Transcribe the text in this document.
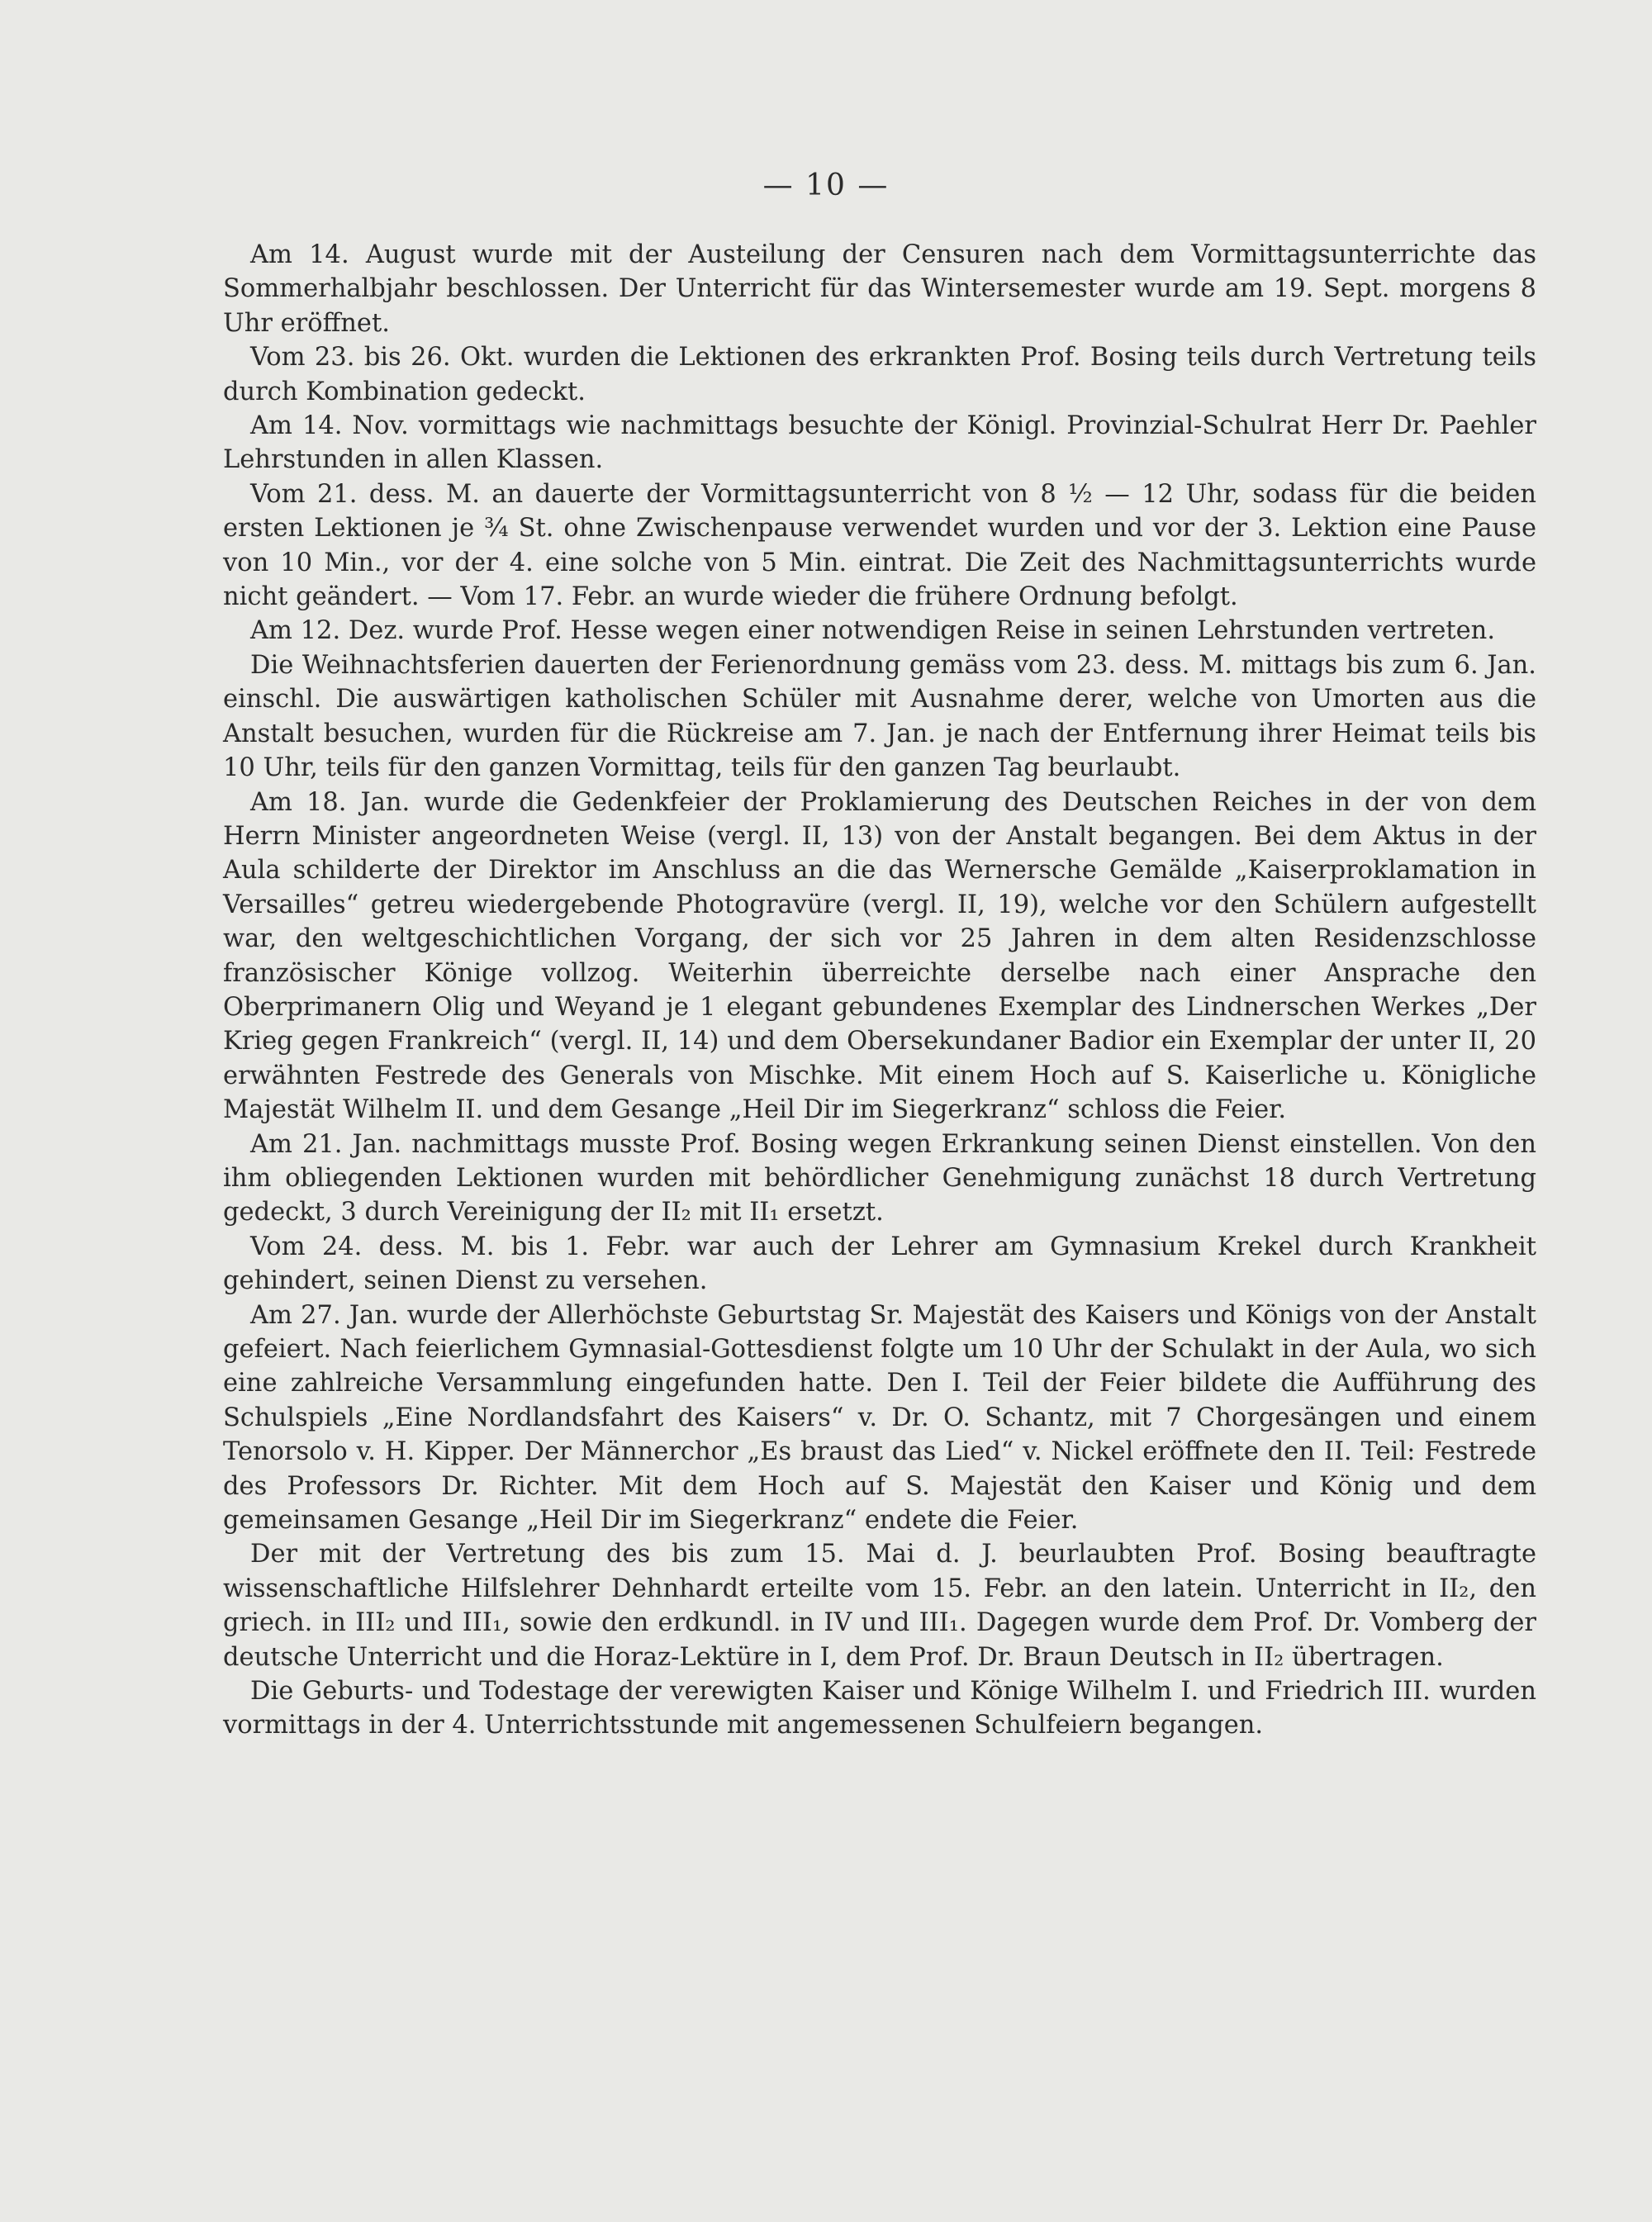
— 10 —

Am 14. August wurde mit der Austeilung der Censuren nach dem Vormittagsunterrichte das Sommerhalbjahr beschlossen. Der Unterricht für das Wintersemester wurde am 19. Sept. morgens 8 Uhr eröffnet.

Vom 23. bis 26. Okt. wurden die Lektionen des erkrankten Prof. Bosing teils durch Vertretung teils durch Kombination gedeckt.

Am 14. Nov. vormittags wie nachmittags besuchte der Königl. Provinzial-Schulrat Herr Dr. Paehler Lehrstunden in allen Klassen.

Vom 21. dess. M. an dauerte der Vormittagsunterricht von 8 ½ — 12 Uhr, sodass für die beiden ersten Lektionen je ¾ St. ohne Zwischenpause verwendet wurden und vor der 3. Lektion eine Pause von 10 Min., vor der 4. eine solche von 5 Min. eintrat. Die Zeit des Nachmittagsunterrichts wurde nicht geändert. — Vom 17. Febr. an wurde wieder die frühere Ordnung befolgt.

Am 12. Dez. wurde Prof. Hesse wegen einer notwendigen Reise in seinen Lehrstunden vertreten.

Die Weihnachtsferien dauerten der Ferienordnung gemäss vom 23. dess. M. mittags bis zum 6. Jan. einschl. Die auswärtigen katholischen Schüler mit Ausnahme derer, welche von Umorten aus die Anstalt besuchen, wurden für die Rückreise am 7. Jan. je nach der Entfernung ihrer Heimat teils bis 10 Uhr, teils für den ganzen Vormittag, teils für den ganzen Tag beurlaubt.

Am 18. Jan. wurde die Gedenkfeier der Proklamierung des Deutschen Reiches in der von dem Herrn Minister angeordneten Weise (vergl. II, 13) von der Anstalt begangen. Bei dem Aktus in der Aula schilderte der Direktor im Anschluss an die das Wernersche Gemälde „Kaiserproklamation in Versailles“ getreu wiedergebende Photogravüre (vergl. II, 19), welche vor den Schülern aufgestellt war, den weltgeschichtlichen Vorgang, der sich vor 25 Jahren in dem alten Residenzschlosse französischer Könige vollzog. Weiterhin überreichte derselbe nach einer Ansprache den Oberprimanern Olig und Weyand je 1 elegant gebundenes Exemplar des Lindnerschen Werkes „Der Krieg gegen Frankreich“ (vergl. II, 14) und dem Obersekundaner Badior ein Exemplar der unter II, 20 erwähnten Festrede des Generals von Mischke. Mit einem Hoch auf S. Kaiserliche u. Königliche Majestät Wilhelm II. und dem Gesange „Heil Dir im Siegerkranz“ schloss die Feier.

Am 21. Jan. nachmittags musste Prof. Bosing wegen Erkrankung seinen Dienst einstellen. Von den ihm obliegenden Lektionen wurden mit behördlicher Genehmigung zunächst 18 durch Vertretung gedeckt, 3 durch Vereinigung der II₂ mit II₁ ersetzt.

Vom 24. dess. M. bis 1. Febr. war auch der Lehrer am Gymnasium Krekel durch Krankheit gehindert, seinen Dienst zu versehen.

Am 27. Jan. wurde der Allerhöchste Geburtstag Sr. Majestät des Kaisers und Königs von der Anstalt gefeiert. Nach feierlichem Gymnasial-Gottesdienst folgte um 10 Uhr der Schulakt in der Aula, wo sich eine zahlreiche Versammlung eingefunden hatte. Den I. Teil der Feier bildete die Aufführung des Schulspiels „Eine Nordlandsfahrt des Kaisers“ v. Dr. O. Schantz, mit 7 Chorgesängen und einem Tenorsolo v. H. Kipper. Der Männerchor „Es braust das Lied“ v. Nickel eröffnete den II. Teil: Festrede des Professors Dr. Richter. Mit dem Hoch auf S. Majestät den Kaiser und König und dem gemeinsamen Gesange „Heil Dir im Siegerkranz“ endete die Feier.

Der mit der Vertretung des bis zum 15. Mai d. J. beurlaubten Prof. Bosing beauftragte wissenschaftliche Hilfslehrer Dehnhardt erteilte vom 15. Febr. an den latein. Unterricht in II₂, den griech. in III₂ und III₁, sowie den erdkundl. in IV und III₁. Dagegen wurde dem Prof. Dr. Vomberg der deutsche Unterricht und die Horaz-Lektüre in I, dem Prof. Dr. Braun Deutsch in II₂ übertragen.

Die Geburts- und Todestage der verewigten Kaiser und Könige Wilhelm I. und Friedrich III. wurden vormittags in der 4. Unterrichtsstunde mit angemessenen Schulfeiern begangen.
